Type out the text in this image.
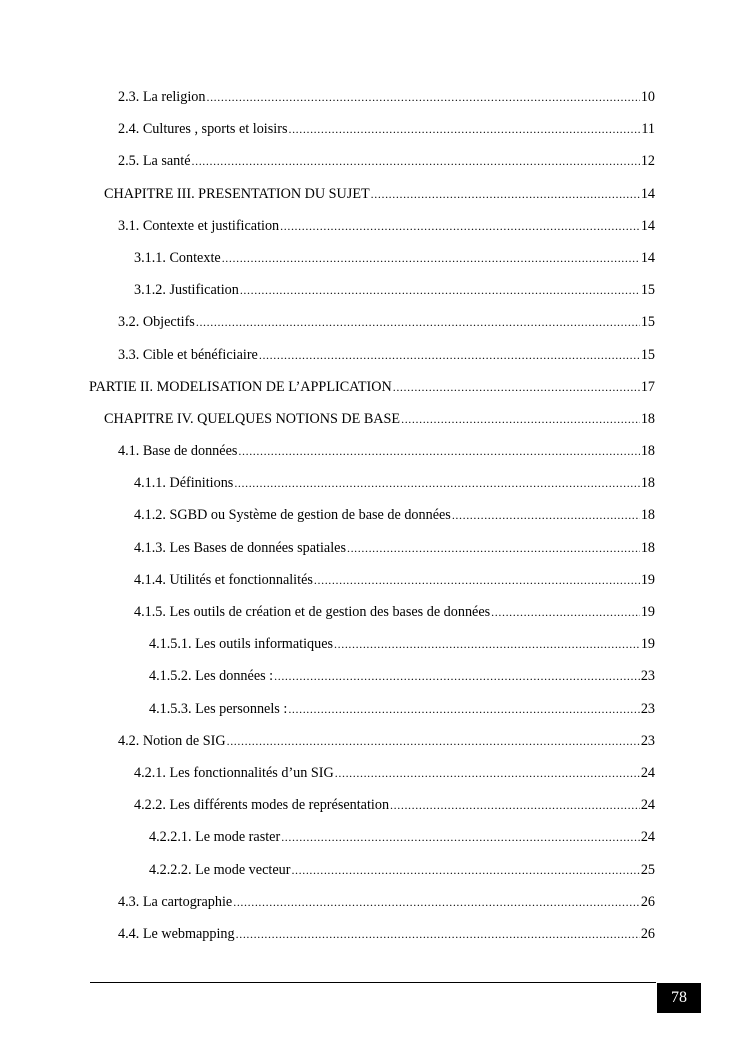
2.3. La religion .....	10
2.4. Cultures , sports et loisirs .....	11
2.5. La santé .....	12
CHAPITRE III. PRESENTATION DU SUJET .....	14
3.1. Contexte et justification .....	14
3.1.1. Contexte .....	14
3.1.2. Justification .....	15
3.2. Objectifs .....	15
3.3. Cible et bénéficiaire .....	15
PARTIE II. MODELISATION DE L’APPLICATION .....	17
CHAPITRE IV. QUELQUES NOTIONS DE BASE .....	18
4.1. Base de données .....	18
4.1.1. Définitions .....	18
4.1.2. SGBD ou Système de gestion de base de données .....	18
4.1.3. Les Bases de données spatiales .....	18
4.1.4. Utilités et fonctionnalités .....	19
4.1.5. Les outils de création et de gestion des bases de données .....	19
4.1.5.1. Les outils informatiques .....	19
4.1.5.2. Les données : .....	23
4.1.5.3. Les personnels : .....	23
4.2. Notion de SIG .....	23
4.2.1. Les fonctionnalités d’un SIG .....	24
4.2.2. Les différents modes de représentation .....	24
4.2.2.1. Le mode raster .....	24
4.2.2.2. Le mode vecteur .....	25
4.3. La cartographie .....	26
4.4. Le webmapping .....	26
78
